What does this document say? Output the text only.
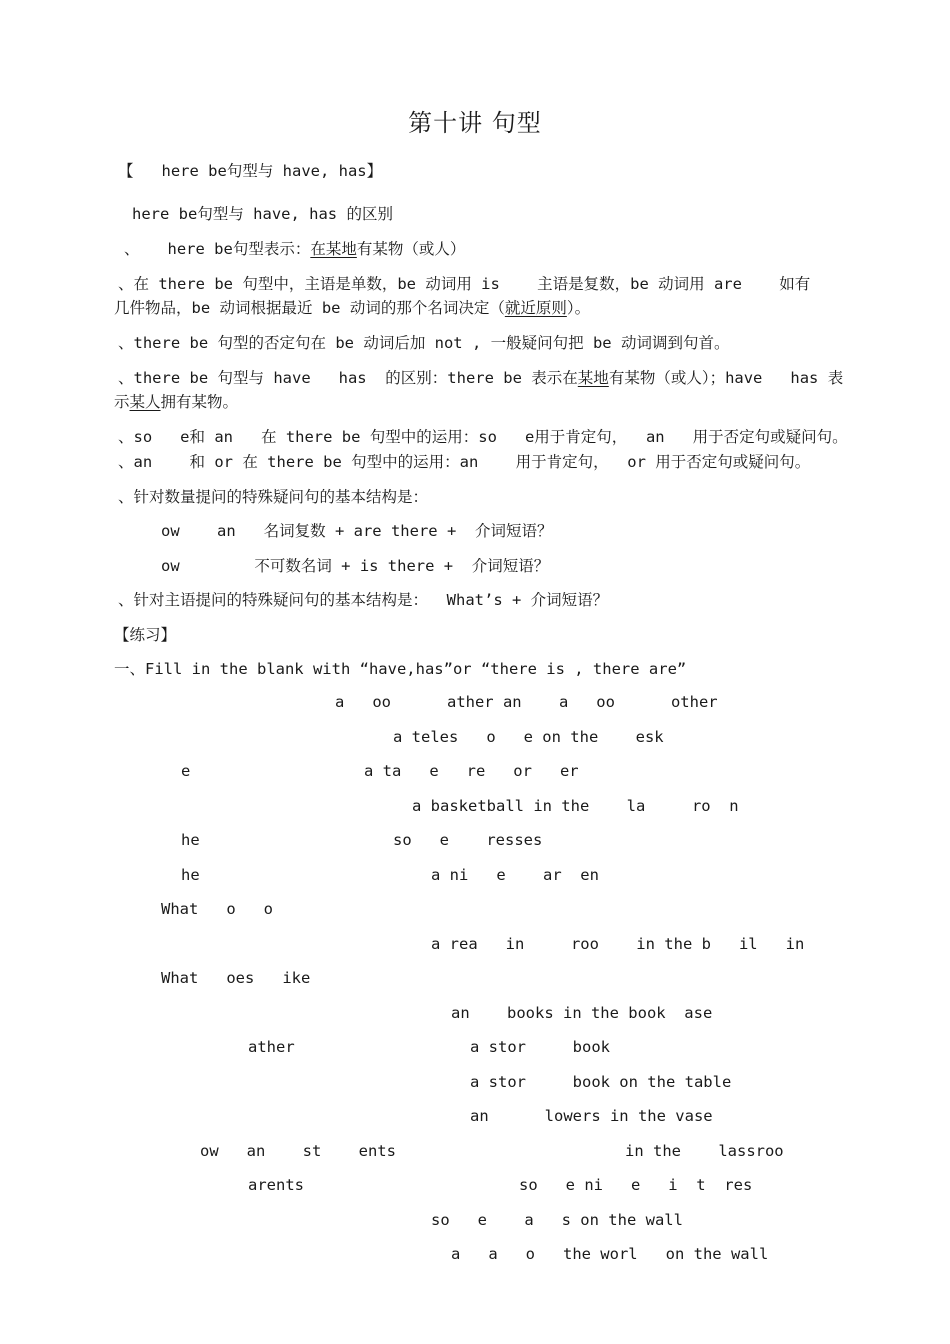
第十讲 句型
【   here be句型与 have, has】
here be句型与 have, has 的区别
、   here be句型表示：在某地有某物（或人）
、在 there be 句型中，主语是单数，be 动词用 is    主语是复数，be 动词用 are    如有
几件物品，be 动词根据最近 be 动词的那个名词决定（就近原则）。
、there be 句型的否定句在 be 动词后加 not , 一般疑问句把 be 动词调到句首。
、there be 句型与 have   has  的区别：there be 表示在某地有某物（或人）；have   has 表
示某人拥有某物。
、so   e和 an   在 there be 句型中的运用：so   e用于肯定句，  an   用于否定句或疑问句。
、an    和 or 在 there be 句型中的运用：an    用于肯定句，  or 用于否定句或疑问句。
、针对数量提问的特殊疑问句的基本结构是：
ow    an   名词复数 + are there +  介词短语？
ow        不可数名词 + is there +  介词短语？
、针对主语提问的特殊疑问句的基本结构是：  What’s + 介词短语？
【练习】
一、Fill in the blank with “have,has”or “there is , there are”
a   oo      ather an    a   oo      other
a teles   o   e on the    esk
e	a ta   e   re   or   er
a basketball in the    la     ro  n
he	so   e    resses
he	a ni   e    ar  en
What   o   o
a rea   in     roo    in the b   il   in
What   oes   ike
an    books in the book  ase
ather	a stor     book
a stor     book on the table
an      lowers in the vase
ow   an    st    ents	in the    lassroo
arents	so   e ni   e   i  t  res
so   e    a   s on the wall
a   a   o   the worl   on the wall
